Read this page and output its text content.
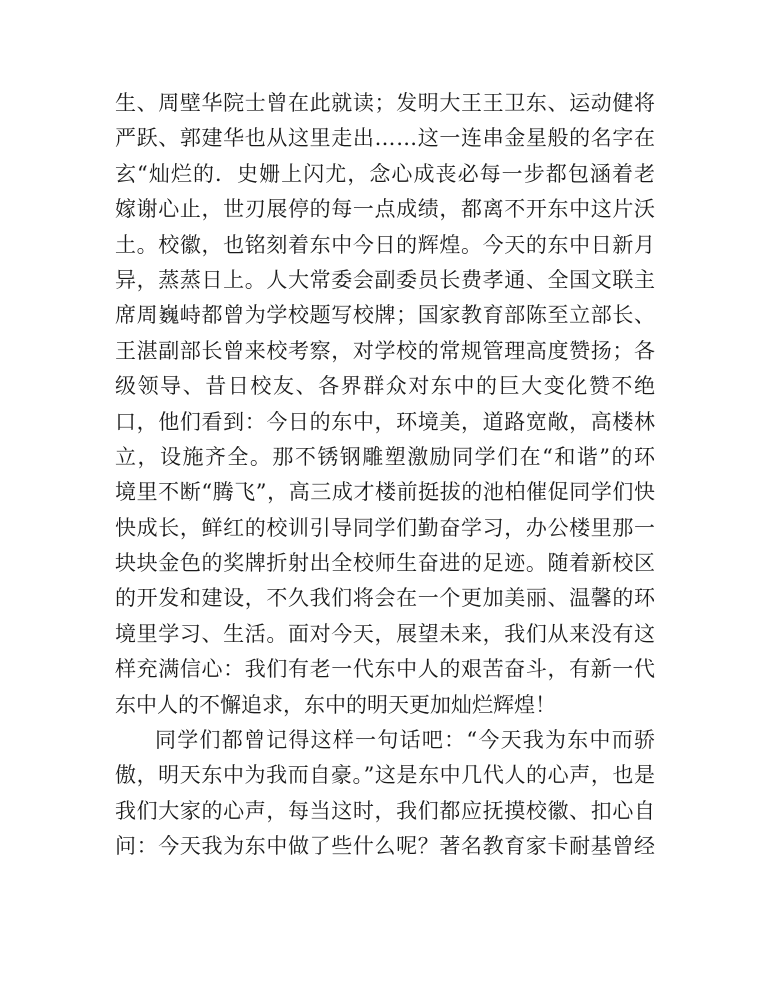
生、周壁华院士曾在此就读；发明大王王卫东、运动健将
严跃、郭建华也从这里走出……这一连串金星般的名字在
玄“灿烂的．史姗上闪尤，念心成丧必每一步都包涵着老
嫁谢心止，世刃展停的每一点成绩，都离不开东中这片沃
土。校徽，也铭刻着东中今日的辉煌。今天的东中日新月
异，蒸蒸日上。人大常委会副委员长费孝通、全国文联主
席周巍峙都曾为学校题写校牌；国家教育部陈至立部长、
王湛副部长曾来校考察，对学校的常规管理高度赞扬；各
级领导、昔日校友、各界群众对东中的巨大变化赞不绝
口，他们看到：今日的东中，环境美，道路宽敞，高楼林
立，设施齐全。那不锈钢雕塑激励同学们在“和谐”的环
境里不断“腾飞”，高三成才楼前挺拔的池柏催促同学们快
快成长，鲜红的校训引导同学们勤奋学习，办公楼里那一
块块金色的奖牌折射出全校师生奋进的足迹。随着新校区
的开发和建设，不久我们将会在一个更加美丽、温馨的环
境里学习、生活。面对今天，展望未来，我们从来没有这
样充满信心：我们有老一代东中人的艰苦奋斗，有新一代
东中人的不懈追求，东中的明天更加灿烂辉煌！
同学们都曾记得这样一句话吧：“今天我为东中而骄
傲，明天东中为我而自豪。”这是东中几代人的心声，也是
我们大家的心声，每当这时，我们都应抚摸校徽、扣心自
问：今天我为东中做了些什么呢？著名教育家卡耐基曾经
